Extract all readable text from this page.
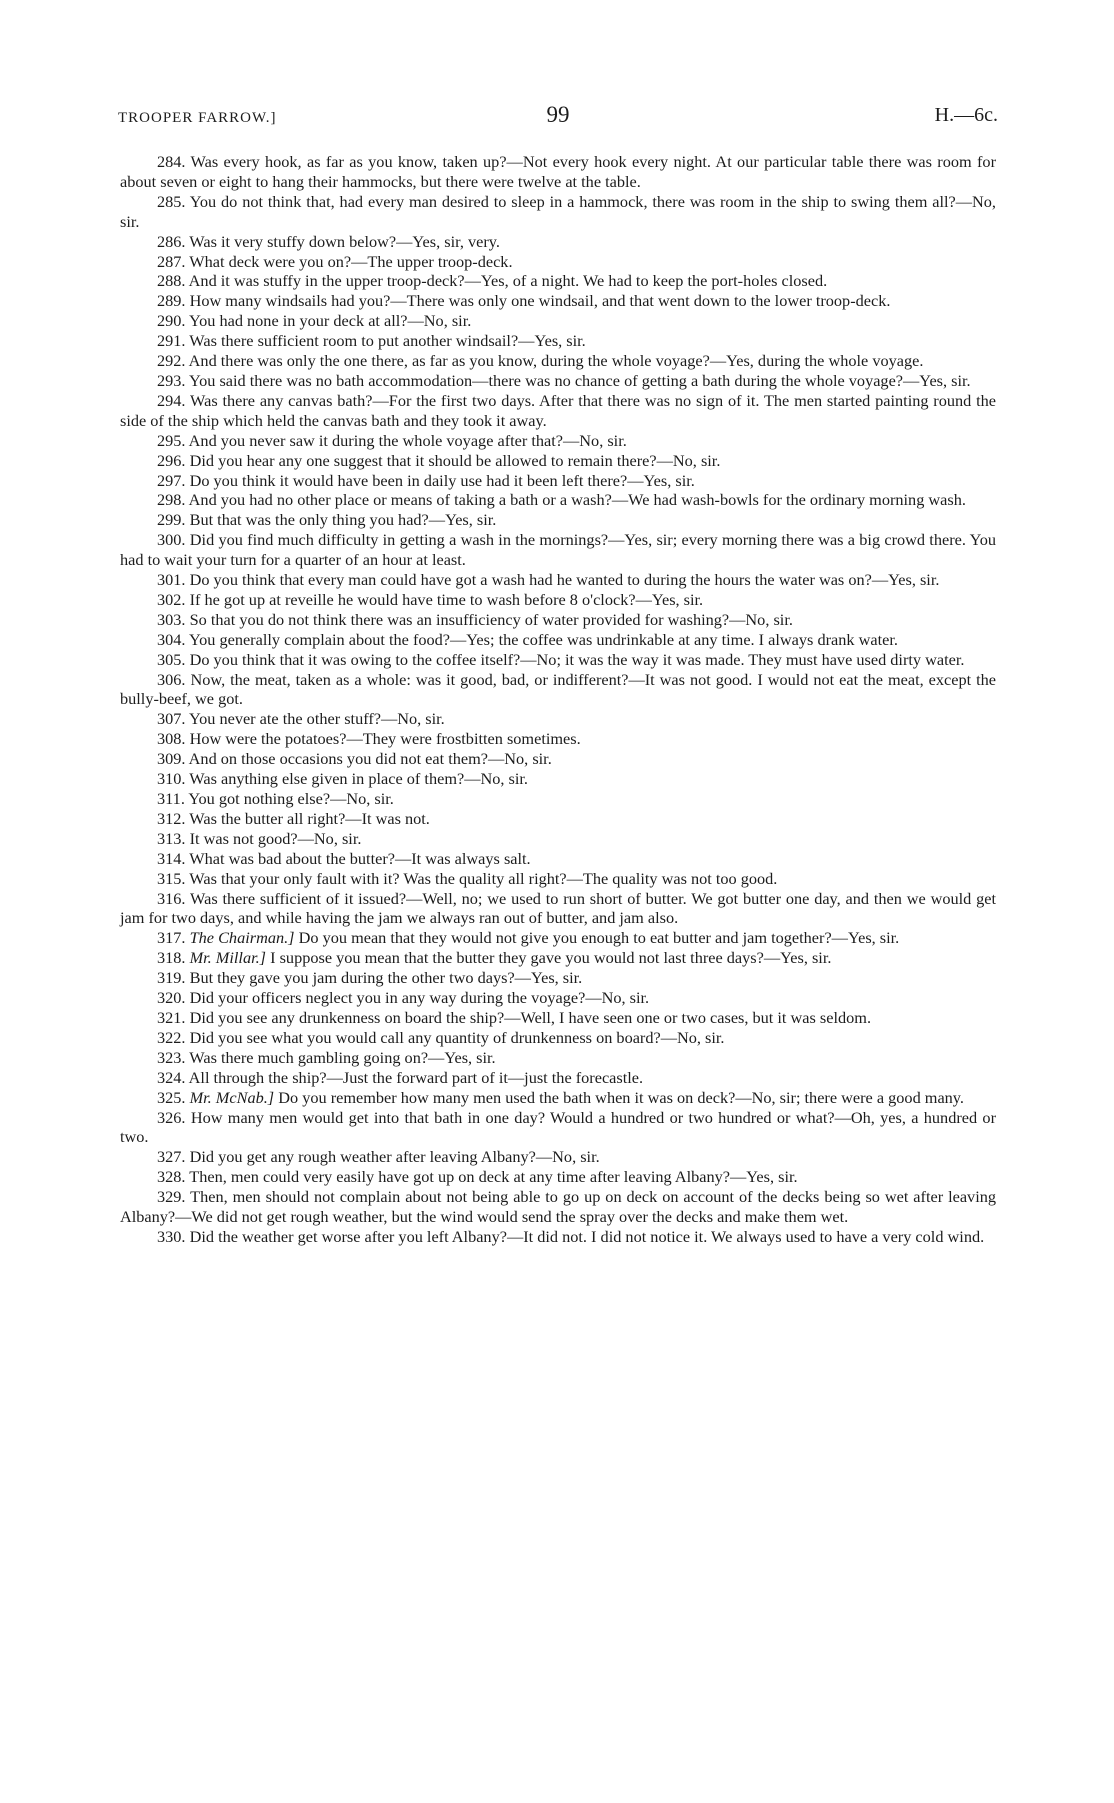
TROOPER FARROW.]	99	H.—6c.

284. Was every hook, as far as you know, taken up?—Not every hook every night. At our particular table there was room for about seven or eight to hang their hammocks, but there were twelve at the table.

285. You do not think that, had every man desired to sleep in a hammock, there was room in the ship to swing them all?—No, sir.

286. Was it very stuffy down below?—Yes, sir, very.

287. What deck were you on?—The upper troop-deck.

288. And it was stuffy in the upper troop-deck?—Yes, of a night. We had to keep the port-holes closed.

289. How many windsails had you?—There was only one windsail, and that went down to the lower troop-deck.

290. You had none in your deck at all?—No, sir.

291. Was there sufficient room to put another windsail?—Yes, sir.

292. And there was only the one there, as far as you know, during the whole voyage?—Yes, during the whole voyage.

293. You said there was no bath accommodation—there was no chance of getting a bath during the whole voyage?—Yes, sir.

294. Was there any canvas bath?—For the first two days. After that there was no sign of it. The men started painting round the side of the ship which held the canvas bath and they took it away.

295. And you never saw it during the whole voyage after that?—No, sir.

296. Did you hear any one suggest that it should be allowed to remain there?—No, sir.

297. Do you think it would have been in daily use had it been left there?—Yes, sir.

298. And you had no other place or means of taking a bath or a wash?—We had wash-bowls for the ordinary morning wash.

299. But that was the only thing you had?—Yes, sir.

300. Did you find much difficulty in getting a wash in the mornings?—Yes, sir; every morning there was a big crowd there. You had to wait your turn for a quarter of an hour at least.

301. Do you think that every man could have got a wash had he wanted to during the hours the water was on?—Yes, sir.

302. If he got up at reveille he would have time to wash before 8 o'clock?—Yes, sir.

303. So that you do not think there was an insufficiency of water provided for washing?—No, sir.

304. You generally complain about the food?—Yes; the coffee was undrinkable at any time. I always drank water.

305. Do you think that it was owing to the coffee itself?—No; it was the way it was made. They must have used dirty water.

306. Now, the meat, taken as a whole: was it good, bad, or indifferent?—It was not good. I would not eat the meat, except the bully-beef, we got.

307. You never ate the other stuff?—No, sir.

308. How were the potatoes?—They were frostbitten sometimes.

309. And on those occasions you did not eat them?—No, sir.

310. Was anything else given in place of them?—No, sir.

311. You got nothing else?—No, sir.

312. Was the butter all right?—It was not.

313. It was not good?—No, sir.

314. What was bad about the butter?—It was always salt.

315. Was that your only fault with it? Was the quality all right?—The quality was not too good.

316. Was there sufficient of it issued?—Well, no; we used to run short of butter. We got butter one day, and then we would get jam for two days, and while having the jam we always ran out of butter, and jam also.

317. The Chairman.] Do you mean that they would not give you enough to eat butter and jam together?—Yes, sir.

318. Mr. Millar.] I suppose you mean that the butter they gave you would not last three days?—Yes, sir.

319. But they gave you jam during the other two days?—Yes, sir.

320. Did your officers neglect you in any way during the voyage?—No, sir.

321. Did you see any drunkenness on board the ship?—Well, I have seen one or two cases, but it was seldom.

322. Did you see what you would call any quantity of drunkenness on board?—No, sir.

323. Was there much gambling going on?—Yes, sir.

324. All through the ship?—Just the forward part of it—just the forecastle.

325. Mr. McNab.] Do you remember how many men used the bath when it was on deck?—No, sir; there were a good many.

326. How many men would get into that bath in one day? Would a hundred or two hundred or what?—Oh, yes, a hundred or two.

327. Did you get any rough weather after leaving Albany?—No, sir.

328. Then, men could very easily have got up on deck at any time after leaving Albany?—Yes, sir.

329. Then, men should not complain about not being able to go up on deck on account of the decks being so wet after leaving Albany?—We did not get rough weather, but the wind would send the spray over the decks and make them wet.

330. Did the weather get worse after you left Albany?—It did not. I did not notice it. We always used to have a very cold wind.
